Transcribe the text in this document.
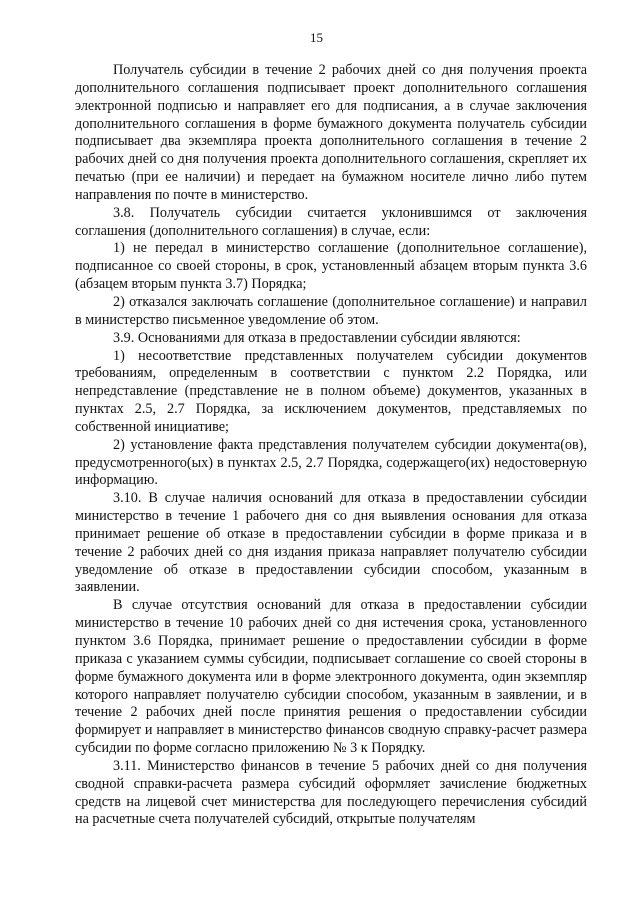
15

Получатель субсидии в течение 2 рабочих дней со дня получения проекта дополнительного соглашения подписывает проект дополнительного соглашения электронной подписью и направляет его для подписания, а в случае заключения дополнительного соглашения в форме бумажного документа получатель субсидии подписывает два экземпляра проекта дополнительного соглашения в течение 2 рабочих дней со дня получения проекта дополнительного соглашения, скрепляет их печатью (при ее наличии) и передает на бумажном носителе лично либо путем направления по почте в министерство.

3.8. Получатель субсидии считается уклонившимся от заключения соглашения (дополнительного соглашения) в случае, если:

1) не передал в министерство соглашение (дополнительное соглашение), подписанное со своей стороны, в срок, установленный абзацем вторым пункта 3.6 (абзацем вторым пункта 3.7) Порядка;

2) отказался заключать соглашение (дополнительное соглашение) и направил в министерство письменное уведомление об этом.

3.9. Основаниями для отказа в предоставлении субсидии являются:

1) несоответствие представленных получателем субсидии документов требованиям, определенным в соответствии с пунктом 2.2 Порядка, или непредставление (представление не в полном объеме) документов, указанных в пунктах 2.5, 2.7 Порядка, за исключением документов, представляемых по собственной инициативе;

2) установление факта представления получателем субсидии документа(ов), предусмотренного(ых) в пунктах 2.5, 2.7 Порядка, содержащего(их) недостоверную информацию.

3.10. В случае наличия оснований для отказа в предоставлении субсидии министерство в течение 1 рабочего дня со дня выявления основания для отказа принимает решение об отказе в предоставлении субсидии в форме приказа и в течение 2 рабочих дней со дня издания приказа направляет получателю субсидии уведомление об отказе в предоставлении субсидии способом, указанным в заявлении.

В случае отсутствия оснований для отказа в предоставлении субсидии министерство в течение 10 рабочих дней со дня истечения срока, установленного пунктом 3.6 Порядка, принимает решение о предоставлении субсидии в форме приказа с указанием суммы субсидии, подписывает соглашение со своей стороны в форме бумажного документа или в форме электронного документа, один экземпляр которого направляет получателю субсидии способом, указанным в заявлении, и в течение 2 рабочих дней после принятия решения о предоставлении субсидии формирует и направляет в министерство финансов сводную справку-расчет размера субсидии по форме согласно приложению № 3 к Порядку.

3.11. Министерство финансов в течение 5 рабочих дней со дня получения сводной справки-расчета размера субсидий оформляет зачисление бюджетных средств на лицевой счет министерства для последующего перечисления субсидий на расчетные счета получателей субсидий, открытые получателям
